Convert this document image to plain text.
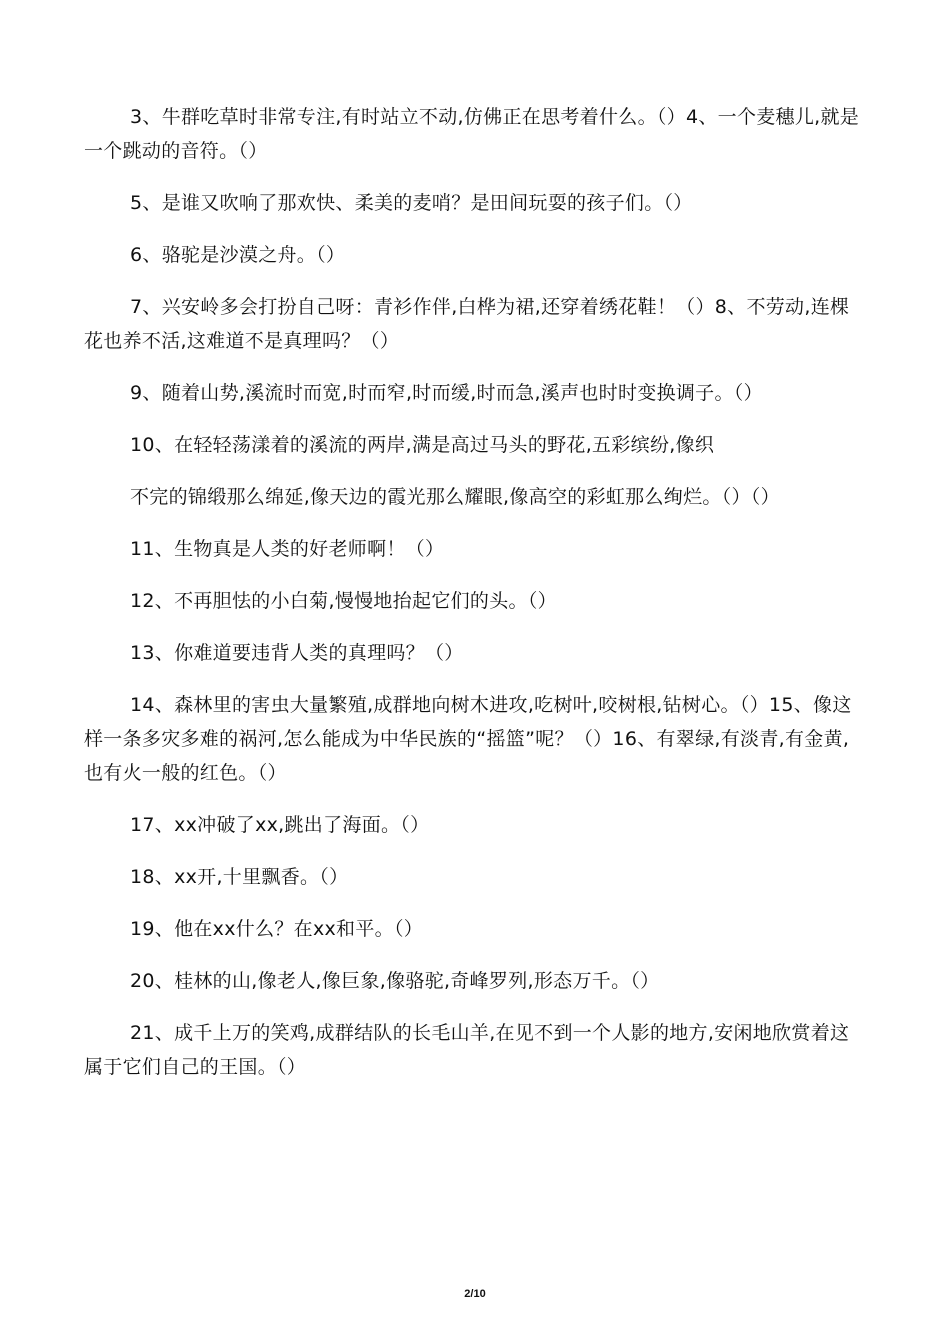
3、牛群吃草时非常专注,有时站立不动,仿佛正在思考着什么。（）4、一个麦穗儿,就是一个跳动的音符。（）

5、是谁又吹响了那欢快、柔美的麦哨？是田间玩耍的孩子们。（）

6、骆驼是沙漠之舟。（）

7、兴安岭多会打扮自己呀：青衫作伴,白桦为裙,还穿着绣花鞋！（）8、不劳动,连棵花也养不活,这难道不是真理吗？（）

9、随着山势,溪流时而宽,时而窄,时而缓,时而急,溪声也时时变换调子。（）

10、在轻轻荡漾着的溪流的两岸,满是高过马头的野花,五彩缤纷,像织

不完的锦缎那么绵延,像天边的霞光那么耀眼,像高空的彩虹那么绚烂。（）（）

11、生物真是人类的好老师啊！（）

12、不再胆怯的小白菊,慢慢地抬起它们的头。（）

13、你难道要违背人类的真理吗？（）

14、森林里的害虫大量繁殖,成群地向树木进攻,吃树叶,咬树根,钻树心。（）15、像这样一条多灾多难的祸河,怎么能成为中华民族的“摇篮”呢？（）16、有翠绿,有淡青,有金黄,也有火一般的红色。（）

17、xx冲破了xx,跳出了海面。（）

18、xx开,十里飘香。（）

19、他在xx什么？在xx和平。（）

20、桂林的山,像老人,像巨象,像骆驼,奇峰罗列,形态万千。（）

21、成千上万的笑鸡,成群结队的长毛山羊,在见不到一个人影的地方,安闲地欣赏着这属于它们自己的王国。（）

2/10
